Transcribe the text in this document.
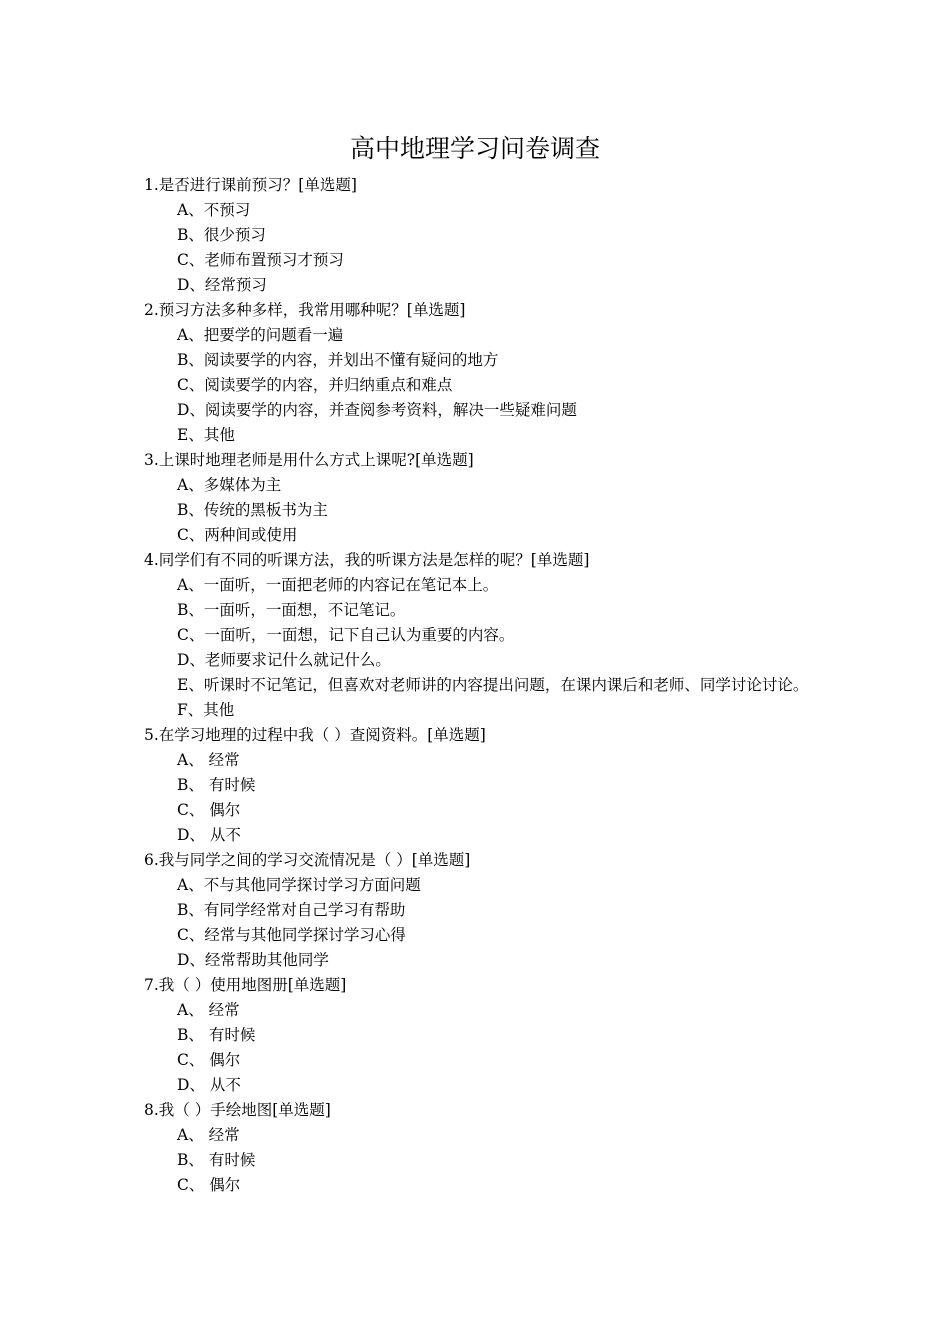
高中地理学习问卷调查
1.是否进行课前预习？[单选题]
A、不预习
B、很少预习
C、老师布置预习才预习
D、经常预习
2.预习方法多种多样，我常用哪种呢？[单选题]
A、把要学的问题看一遍
B、阅读要学的内容，并划出不懂有疑问的地方
C、阅读要学的内容，并归纳重点和难点
D、阅读要学的内容，并查阅参考资料，解决一些疑难问题
E、其他
3.上课时地理老师是用什么方式上课呢?[单选题]
A、多媒体为主
B、传统的黑板书为主
C、两种间或使用
4.同学们有不同的听课方法，我的听课方法是怎样的呢？[单选题]
A、一面听，一面把老师的内容记在笔记本上。
B、一面听，一面想，不记笔记。
C、一面听，一面想，记下自己认为重要的内容。
D、老师要求记什么就记什么。
E、听课时不记笔记，但喜欢对老师讲的内容提出问题，在课内课后和老师、同学讨论讨论。
F、其他
5.在学习地理的过程中我（ ）查阅资料。[单选题]
A、 经常
B、 有时候
C、 偶尔
D、 从不
6.我与同学之间的学习交流情况是（ ）[单选题]
A、不与其他同学探讨学习方面问题
B、有同学经常对自己学习有帮助
C、经常与其他同学探讨学习心得
D、经常帮助其他同学
7.我（ ）使用地图册[单选题]
A、 经常
B、 有时候
C、 偶尔
D、 从不
8.我（ ）手绘地图[单选题]
A、 经常
B、 有时候
C、 偶尔
